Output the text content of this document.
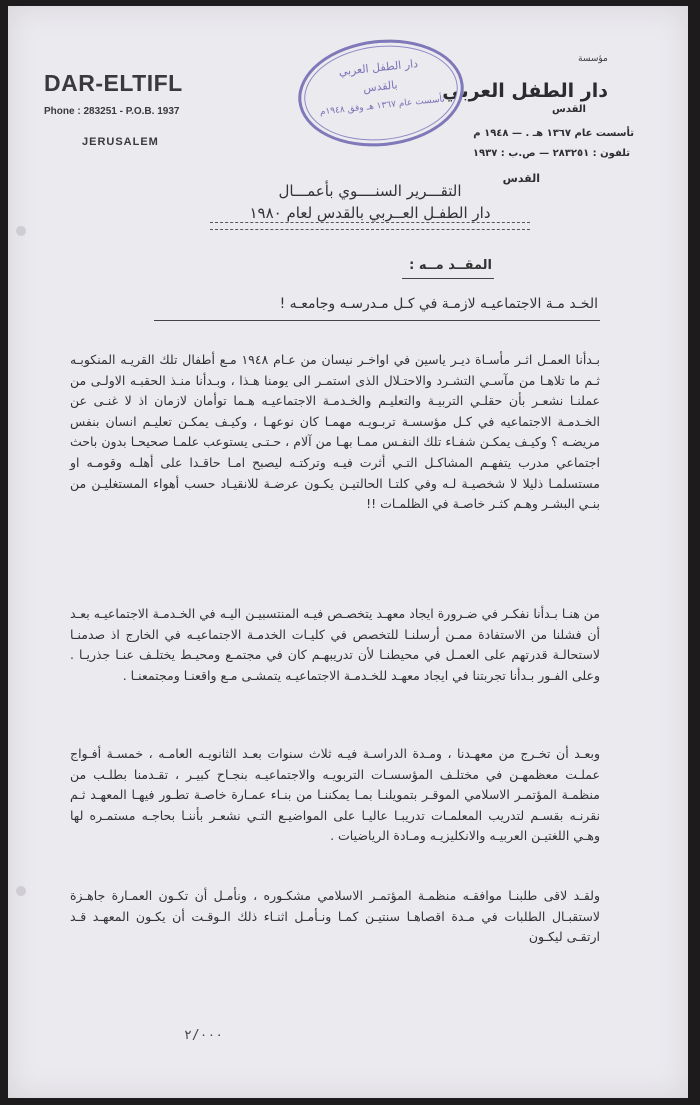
DAR-ELTIFL
Phone : 283251 - P.O.B. 1937
JERUSALEM
مؤسسة
دار الطفل العربي
القدس
تأسست عام ١٣٦٧ هـ . — ١٩٤٨ م
تلفون : ٢٨٣٢٥١ — ص.ب : ١٩٣٧
القدس
دار الطفل العربي
بالقدس
تأسست عام ١٣٦٧ هـ وفق ١٩٤٨م
التقـــرير السنــــوي بأعمـــال
دار الطفـل العــربي بالقدس لعام ١٩٨٠
المقــد مــه :
الخـد مـة الاجتماعيـه لازمـة في كـل مـدرسـه وجامعـه !

بـدأنا العمـل اثـر مأسـاة ديـر ياسين في اواخـر نيسان من عـام ١٩٤٨ مـع أطفال تلك القريـه المنكوبـه ثـم ما تلاهـا من مآسـي التشـرد والاحتـلال الذى استمـر الى يومنا هـذا ، وبـدأنا منـذ الحقبـه الاولـى من عملنـا نشعـر بأن حقلـي التربيـة والتعليـم والخـدمـة الاجتماعيـه هـما توأمان لازمان اذ لا غنـى عن الخـدمـة الاجتماعيه في كـل مؤسسـة تربـويـه مهمـا كان نوعهـا ، وكيـف يمكـن تعليـم انسان بنفس مريضـه ؟ وكيـف يمكـن شفـاء تلك النفـس ممـا بهـا من آلام ، حـتـى يستوعب علمـا صحيحـا بدون باحث اجتماعي مدرب يتفهـم المشاكـل التـي أثرت فيـه وتركتـه ليصبح امـا حاقـدا على أهلـه وقومـه او مستسلمـا ذليلا لا شخصيـة لـه وفي كلتـا الحالتيـن يكـون عرضـة للانقيـاد حسب أهواء المستغليـن من بنـي البشـر وهـم كثـر خاصـة في الظلمـات !!

من هنـا بـدأنا نفكـر في ضـرورة ايجاد معهـد يتخصـص فيـه المنتسبيـن اليـه في الخـدمـة الاجتماعيـه بعـد أن فشلنا من الاستفادة ممـن أرسلنـا للتخصص في كليـات الخدمـة الاجتماعيـه في الخارج اذ صدمنـا لاستحالـة قدرتهم على العمـل في محيطنـا لأن تدريبهـم كان في مجتمـع ومحيـط يختلـف عنـا جذريـا . وعلى الفـور بـدأنا تجربتنا في ايجاد معهـد للخـدمـة الاجتماعيـه يتمشـى مـع واقعنـا ومجتمعنـا .

وبعـد أن تخـرج من معهـدنا ، ومـدة الدراسـة فيـه ثلاث سنوات بعـد الثانويـه العامـه ، خمسـة أفـواج عملـت معظمهـن في مختلـف المؤسسـات التربويـه والاجتماعيـه بنجـاح كبيـر ، تقـدمنا بطلـب من منظمـة المؤتمـر الاسلامي الموقـر بتمويلنـا بمـا يمكننـا من بنـاء عمـارة خاصـة تطـور فيهـا المعهـد ثـم نقرنـه بقسـم لتدريب المعلمـات تدريبـا عاليـا على المواضيـع التـي نشعـر بأننـا بحاجـه مستمـره لها وهـي اللغتيـن العربيـه والانكليزيـه ومـادة الرياضيات .

ولقـد لاقى طلبنـا موافقـه منظمـة المؤتمـر الاسلامي مشكـوره ، ونأمـل أن تكـون العمـارة جاهـزة لاستقبـال الطلبات في مـدة اقصاهـا سنتيـن كمـا ونـأمـل اثنـاء ذلك الـوقـت أن يكـون المعهـد قـد ارتقـى ليكـون

٢/٠٠٠
